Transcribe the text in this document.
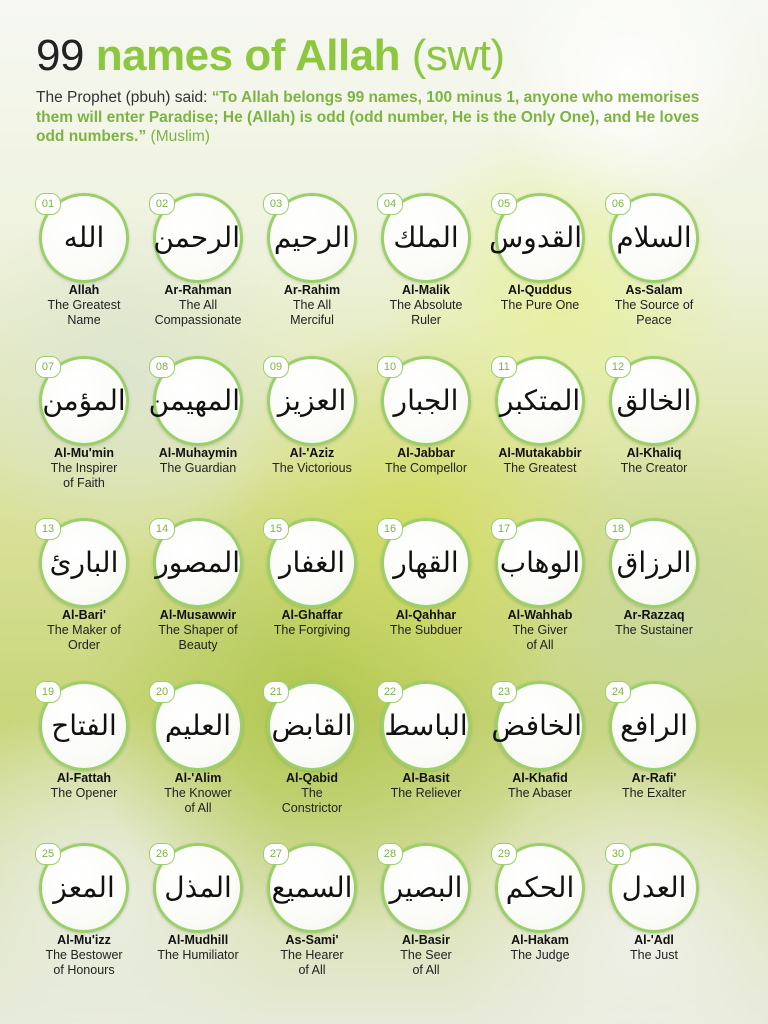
99 names of Allah (swt)
The Prophet (pbuh) said: “To Allah belongs 99 names, 100 minus 1, anyone who memorises them will enter Paradise; He (Allah) is odd (odd number, He is the Only One), and He loves odd numbers.” (Muslim)
الله
01
Allah
The Greatest
Name
الرحمن
02
Ar-Rahman
The All
Compassionate
الرحيم
03
Ar-Rahim
The All
Merciful
الملك
04
Al-Malik
The Absolute
Ruler
القدوس
05
Al-Quddus
The Pure One
السلام
06
As-Salam
The Source of
Peace
المؤمن
07
Al-Mu'min
The Inspirer
of Faith
المهيمن
08
Al-Muhaymin
The Guardian
العزيز
09
Al-'Aziz
The Victorious
الجبار
10
Al-Jabbar
The Compellor
المتكبر
11
Al-Mutakabbir
The Greatest
الخالق
12
Al-Khaliq
The Creator
البارئ
13
Al-Bari'
The Maker of
Order
المصور
14
Al-Musawwir
The Shaper of
Beauty
الغفار
15
Al-Ghaffar
The Forgiving
القهار
16
Al-Qahhar
The Subduer
الوهاب
17
Al-Wahhab
The Giver
of All
الرزاق
18
Ar-Razzaq
The Sustainer
الفتاح
19
Al-Fattah
The Opener
العليم
20
Al-'Alim
The Knower
of All
القابض
21
Al-Qabid
The
Constrictor
الباسط
22
Al-Basit
The Reliever
الخافض
23
Al-Khafid
The Abaser
الرافع
24
Ar-Rafi'
The Exalter
المعز
25
Al-Mu'izz
The Bestower
of Honours
المذل
26
Al-Mudhill
The Humiliator
السميع
27
As-Sami'
The Hearer
of All
البصير
28
Al-Basir
The Seer
of All
الحكم
29
Al-Hakam
The Judge
العدل
30
Al-'Adl
The Just
